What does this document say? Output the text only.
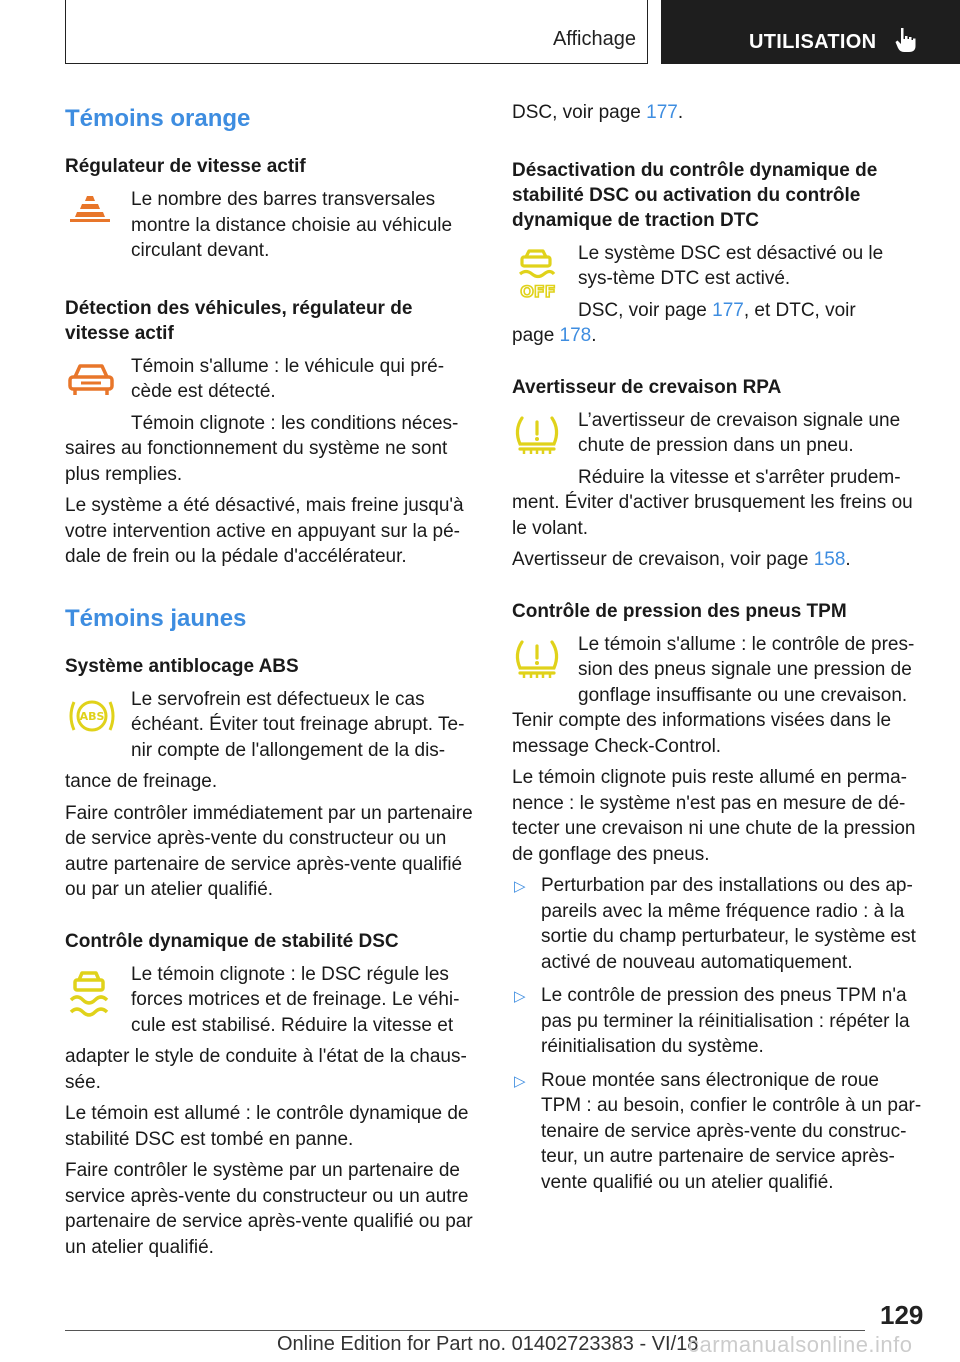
Affichage	UTILISATION
Témoins orange
Régulateur de vitesse actif

Le nombre des barres transversales montre la distance choisie au véhicule circulant devant.

Détection des véhicules, régulateur de vitesse actif

Témoin s'allume : le véhicule qui pré-cède est détecté.

Témoin clignote : les conditions néces-saires au fonctionnement du système ne sont plus remplies.

Le système a été désactivé, mais freine jusqu'à votre intervention active en appuyant sur la pé-dale de frein ou la pédale d'accélérateur.

Témoins jaunes
Système antiblocage ABS
ABS

Le servofrein est défectueux le cas échéant. Éviter tout freinage abrupt. Te-nir compte de l'allongement de la dis-

tance de freinage.

Faire contrôler immédiatement par un partenaire de service après-vente du constructeur ou un autre partenaire de service après-vente qualifié ou par un atelier qualifié.

Contrôle dynamique de stabilité DSC

Le témoin clignote : le DSC régule les forces motrices et de freinage. Le véhi-cule est stabilisé. Réduire la vitesse et

adapter le style de conduite à l'état de la chaus-sée.

Le témoin est allumé : le contrôle dynamique de stabilité DSC est tombé en panne.

Faire contrôler le système par un partenaire de service après-vente du constructeur ou un autre partenaire de service après-vente qualifié ou par un atelier qualifié.

DSC, voir page 177.

Désactivation du contrôle dynamique de stabilité DSC ou activation du contrôle dynamique de traction DTC
OFF

Le système DSC est désactivé ou le sys-tème DTC est activé.

DSC, voir page 177, et DTC, voir

page 178.

Avertisseur de crevaison RPA

L’avertisseur de crevaison signale une chute de pression dans un pneu.

Réduire la vitesse et s'arrêter prudem-

ment. Éviter d'activer brusquement les freins ou le volant.

Avertisseur de crevaison, voir page 158.

Contrôle de pression des pneus TPM

Le témoin s'allume : le contrôle de pres-sion des pneus signale une pression de gonflage insuffisante ou une crevaison.

Tenir compte des informations visées dans le message Check-Control.

Le témoin clignote puis reste allumé en perma-nence : le système n'est pas en mesure de dé-tecter une crevaison ni une chute de la pression de gonflage des pneus.

▷ Perturbation par des installations ou des ap-pareils avec la même fréquence radio : à la sortie du champ perturbateur, le système est activé de nouveau automatiquement.
▷ Le contrôle de pression des pneus TPM n'a pas pu terminer la réinitialisation : répéter la réinitialisation du système.
▷ Roue montée sans électronique de roue TPM : au besoin, confier le contrôle à un par-tenaire de service après-vente du construc-teur, un autre partenaire de service après-vente qualifié ou un atelier qualifié.
129
Online Edition for Part no. 01402723383 - VI/18
carmanualsonline.info
